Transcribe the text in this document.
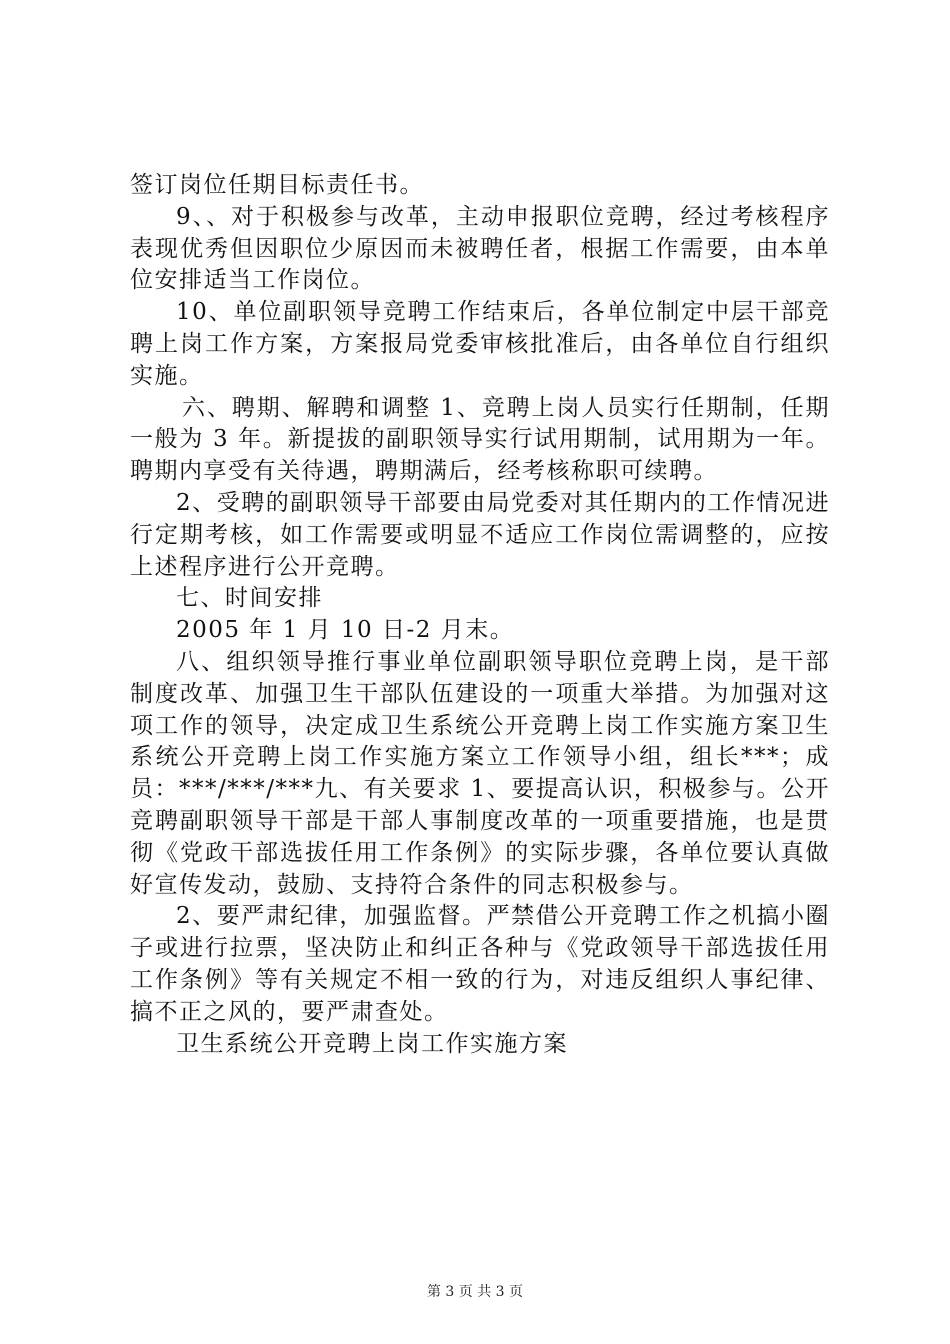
签订岗位任期目标责任书。

9、、对于积极参与改革，主动申报职位竞聘，经过考核程序表现优秀但因职位少原因而未被聘任者，根据工作需要，由本单位安排适当工作岗位。

10、单位副职领导竞聘工作结束后，各单位制定中层干部竞聘上岗工作方案，方案报局党委审核批准后，由各单位自行组织实施。

六、聘期、解聘和调整 1、竞聘上岗人员实行任期制，任期一般为 3 年。新提拔的副职领导实行试用期制，试用期为一年。聘期内享受有关待遇，聘期满后，经考核称职可续聘。

2、受聘的副职领导干部要由局党委对其任期内的工作情况进行定期考核，如工作需要或明显不适应工作岗位需调整的，应按上述程序进行公开竞聘。

七、时间安排

2005 年 1 月 10 日-2 月末。

八、组织领导推行事业单位副职领导职位竞聘上岗，是干部制度改革、加强卫生干部队伍建设的一项重大举措。为加强对这项工作的领导，决定成卫生系统公开竞聘上岗工作实施方案卫生系统公开竞聘上岗工作实施方案立工作领导小组，组长***；成员：***/***/***九、有关要求 1、要提高认识，积极参与。公开竞聘副职领导干部是干部人事制度改革的一项重要措施，也是贯彻《党政干部选拔任用工作条例》的实际步骤，各单位要认真做好宣传发动，鼓励、支持符合条件的同志积极参与。

2、要严肃纪律，加强监督。严禁借公开竞聘工作之机搞小圈子或进行拉票，坚决防止和纠正各种与《党政领导干部选拔任用工作条例》等有关规定不相一致的行为，对违反组织人事纪律、搞不正之风的，要严肃查处。

卫生系统公开竞聘上岗工作实施方案

第 3 页 共 3 页
